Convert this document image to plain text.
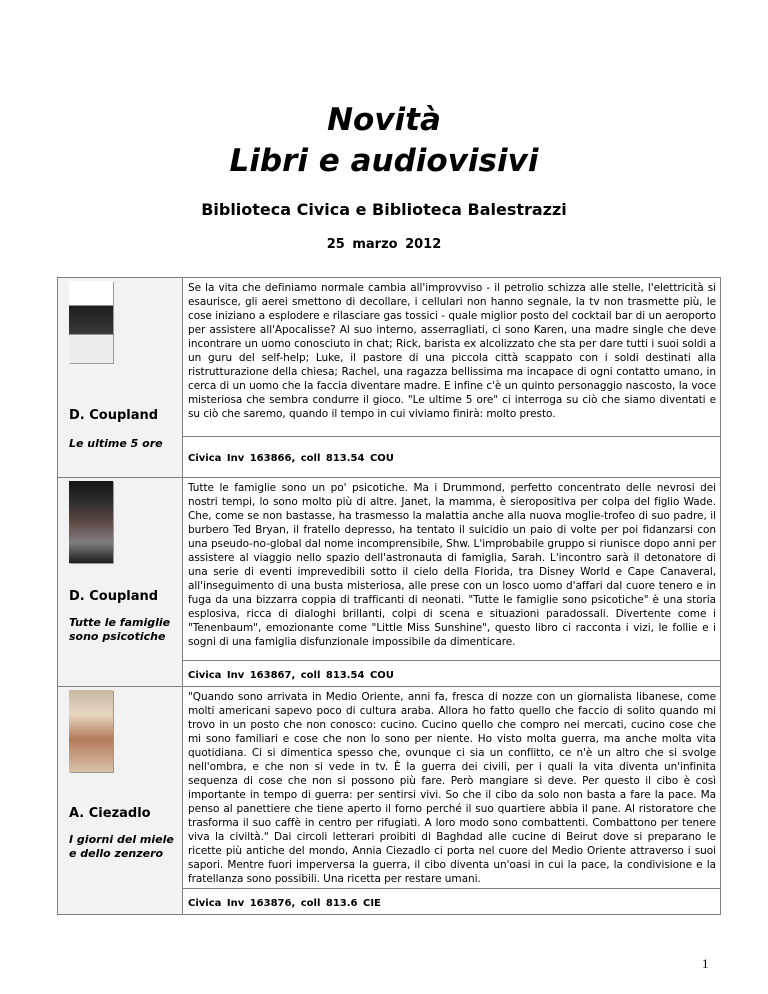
Novità
Libri e audiovisivi
Biblioteca Civica e Biblioteca Balestrazzi
25 marzo 2012
D. Coupland
Le ultime 5 ore	Se la vita che definiamo normale cambia all'improvviso - il petrolio schizza alle stelle, l'elettricità si esaurisce, gli aerei smettono di decollare, i cellulari non hanno segnale, la tv non trasmette più, le cose iniziano a esplodere e rilasciare gas tossici - quale miglior posto del cocktail bar di un aeroporto per assistere all'Apocalisse? Al suo interno, asserragliati, ci sono Karen, una madre single che deve incontrare un uomo conosciuto in chat; Rick, barista ex alcolizzato che sta per dare tutti i suoi soldi a un guru del self-help; Luke, il pastore di una piccola città scappato con i soldi destinati alla ristrutturazione della chiesa; Rachel, una ragazza bellissima ma incapace di ogni contatto umano, in cerca di un uomo che la faccia diventare madre. E infine c'è un quinto personaggio nascosto, la voce misteriosa che sembra condurre il gioco. "Le ultime 5 ore" ci interroga su ciò che siamo diventati e su ciò che saremo, quando il tempo in cui viviamo finirà: molto presto.

	Civica Inv 163866, coll 813.54 COU

D. Coupland
Tutte le famiglie sono psicotiche	Tutte le famiglie sono un po' psicotiche. Ma i Drummond, perfetto concentrato delle nevrosi dei nostri tempi, lo sono molto più di altre. Janet, la mamma, è sieropositiva per colpa del figlio Wade. Che, come se non bastasse, ha trasmesso la malattia anche alla nuova moglie-trofeo di suo padre, il burbero Ted Bryan, il fratello depresso, ha tentato il suicidio un paio di volte per poi fidanzarsi con una pseudo-no-global dal nome incomprensibile, Shw. L'improbabile gruppo si riunisce dopo anni per assistere al viaggio nello spazio dell'astronauta di famiglia, Sarah. L'incontro sarà il detonatore di una serie di eventi imprevedibili sotto il cielo della Florida, tra Disney World e Cape Canaveral, all'inseguimento di una busta misteriosa, alle prese con un losco uomo d'affari dal cuore tenero e in fuga da una bizzarra coppia di trafficanti di neonati. "Tutte le famiglie sono psicotiche" è una storia esplosiva, ricca di dialoghi brillanti, colpi di scena e situazioni paradossali. Divertente come i "Tenenbaum", emozionante come "Little Miss Sunshine", questo libro ci racconta i vizi, le follie e i sogni di una famiglia disfunzionale impossibile da dimenticare.

	Civica Inv 163867, coll 813.54 COU

A. Ciezadlo
I giorni del miele e dello zenzero	"Quando sono arrivata in Medio Oriente, anni fa, fresca di nozze con un giornalista libanese, come molti americani sapevo poco di cultura araba. Allora ho fatto quello che faccio di solito quando mi trovo in un posto che non conosco: cucino. Cucino quello che compro nei mercati, cucino cose che mi sono familiari e cose che non lo sono per niente. Ho visto molta guerra, ma anche molta vita quotidiana. Ci si dimentica spesso che, ovunque ci sia un conflitto, ce n'è un altro che si svolge nell'ombra, e che non si vede in tv. È la guerra dei civili, per i quali la vita diventa un'infinita sequenza di cose che non si possono più fare. Però mangiare si deve. Per questo il cibo è così importante in tempo di guerra: per sentirsi vivi. So che il cibo da solo non basta a fare la pace. Ma penso al panettiere che tiene aperto il forno perché il suo quartiere abbia il pane. Al ristoratore che trasforma il suo caffè in centro per rifugiati. A loro modo sono combattenti. Combattono per tenere viva la civiltà." Dai circoli letterari proibiti di Baghdad alle cucine di Beirut dove si preparano le ricette più antiche del mondo, Annia Ciezadlo ci porta nel cuore del Medio Oriente attraverso i suoi sapori. Mentre fuori imperversa la guerra, il cibo diventa un'oasi in cui la pace, la condivisione e la fratellanza sono possibili. Una ricetta per restare umani.

	Civica Inv 163876, coll 813.6 CIE

1
